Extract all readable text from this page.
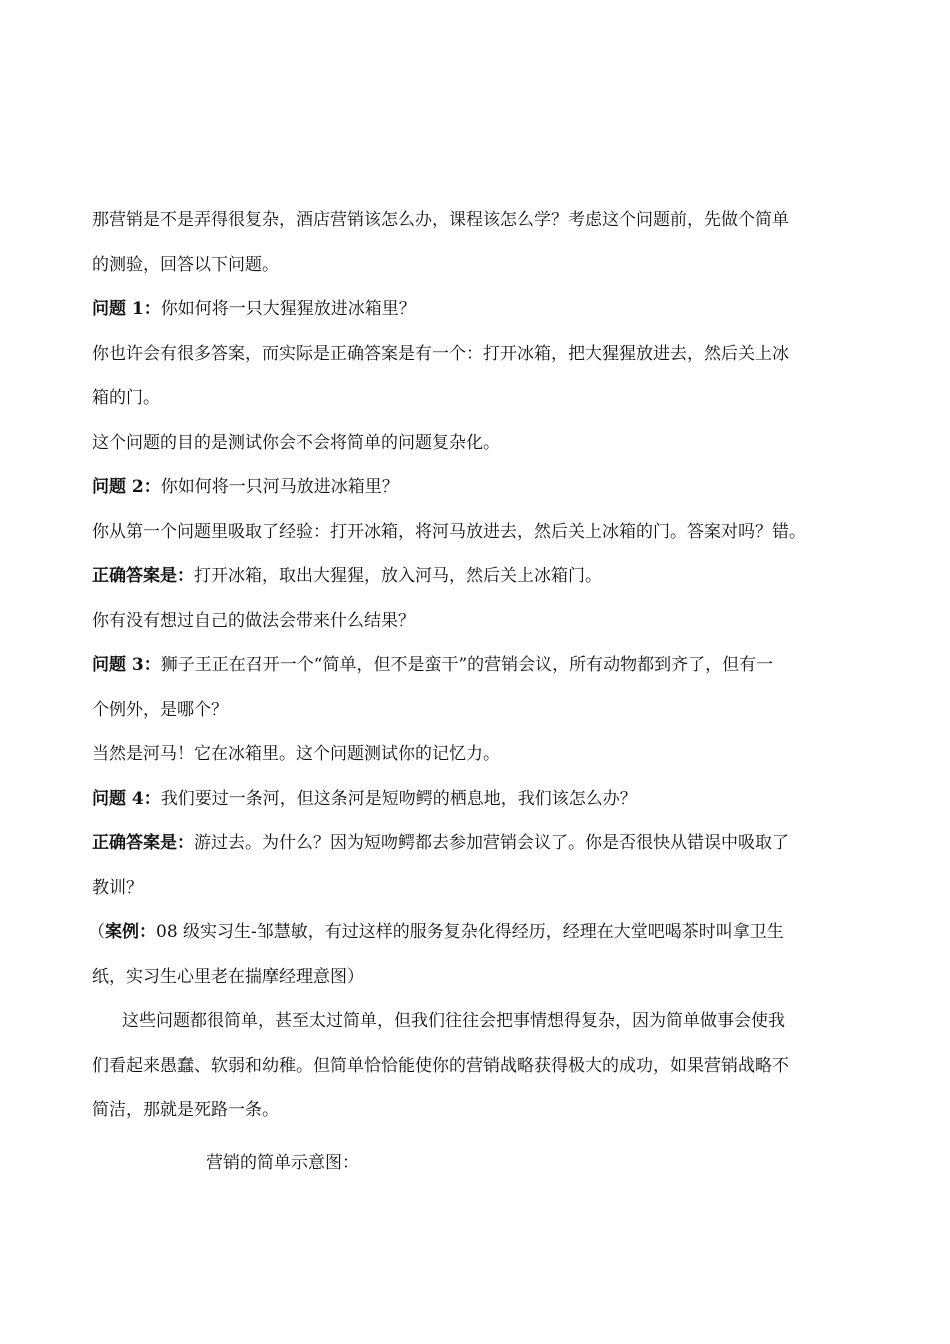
那营销是不是弄得很复杂，酒店营销该怎么办，课程该怎么学？考虑这个问题前，先做个简单

的测验，回答以下问题。

问题 1：你如何将一只大猩猩放进冰箱里？

你也许会有很多答案，而实际是正确答案是有一个：打开冰箱，把大猩猩放进去，然后关上冰

箱的门。

这个问题的目的是测试你会不会将简单的问题复杂化。

问题 2：你如何将一只河马放进冰箱里？

你从第一个问题里吸取了经验：打开冰箱，将河马放进去，然后关上冰箱的门。答案对吗？错。

正确答案是：打开冰箱，取出大猩猩，放入河马，然后关上冰箱门。

你有没有想过自己的做法会带来什么结果？

问题 3：狮子王正在召开一个“简单，但不是蛮干”的营销会议，所有动物都到齐了，但有一

个例外，是哪个？

当然是河马！它在冰箱里。这个问题测试你的记忆力。

问题 4：我们要过一条河，但这条河是短吻鳄的栖息地，我们该怎么办？

正确答案是：游过去。为什么？因为短吻鳄都去参加营销会议了。你是否很快从错误中吸取了

教训？

（案例：08 级实习生-邹慧敏，有过这样的服务复杂化得经历，经理在大堂吧喝茶时叫拿卫生

纸，实习生心里老在揣摩经理意图）

这些问题都很简单，甚至太过简单，但我们往往会把事情想得复杂，因为简单做事会使我

们看起来愚蠢、软弱和幼稚。但简单恰恰能使你的营销战略获得极大的成功，如果营销战略不

简洁，那就是死路一条。

营销的简单示意图：
